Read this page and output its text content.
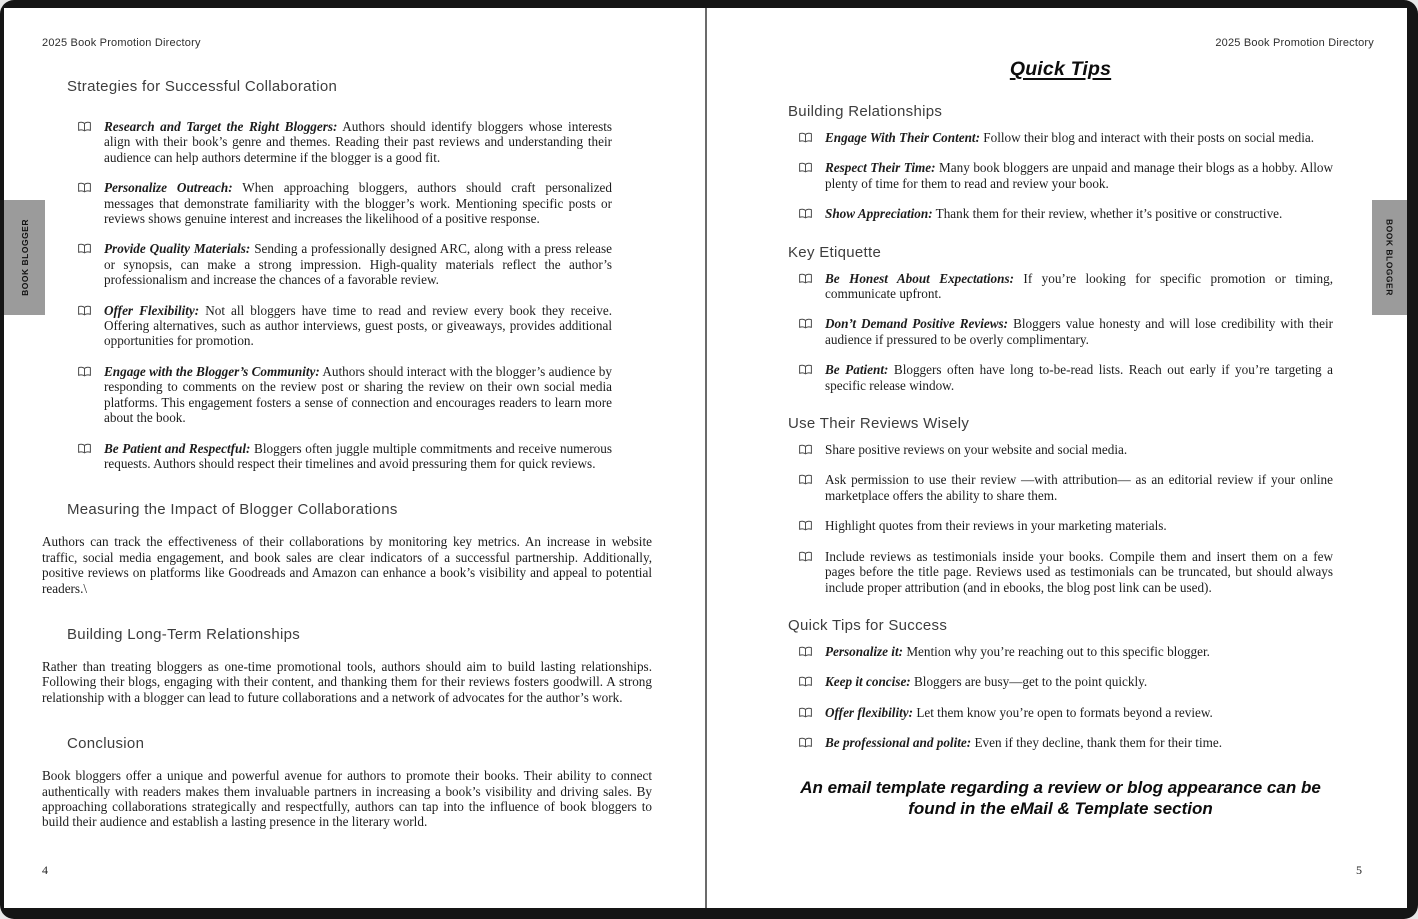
2025 Book Promotion Directory
Strategies for Successful Collaboration

Research and Target the Right Bloggers: Authors should identify bloggers whose interests align with their book’s genre and themes. Reading their past reviews and understanding their audience can help authors determine if the blogger is a good fit.

Personalize Outreach: When approaching bloggers, authors should craft personalized messages that demonstrate familiarity with the blogger’s work. Mentioning specific posts or reviews shows genuine interest and increases the likelihood of a positive response.

Provide Quality Materials: Sending a professionally designed ARC, along with a press release or synopsis, can make a strong impression. High-quality materials reflect the author’s professionalism and increase the chances of a favorable review.

Offer Flexibility: Not all bloggers have time to read and review every book they receive. Offering alternatives, such as author interviews, guest posts, or giveaways, provides additional opportunities for promotion.

Engage with the Blogger’s Community: Authors should interact with the blogger’s audience by responding to comments on the review post or sharing the review on their own social media platforms. This engagement fosters a sense of connection and encourages readers to learn more about the book.

Be Patient and Respectful: Bloggers often juggle multiple commitments and receive numerous requests. Authors should respect their timelines and avoid pressuring them for quick reviews.

Measuring the Impact of Blogger Collaborations

Authors can track the effectiveness of their collaborations by monitoring key metrics. An increase in website traffic, social media engagement, and book sales are clear indicators of a successful partnership. Additionally, positive reviews on platforms like Goodreads and Amazon can enhance a book’s visibility and appeal to potential readers.\

Building Long-Term Relationships

Rather than treating bloggers as one-time promotional tools, authors should aim to build lasting relationships. Following their blogs, engaging with their content, and thanking them for their reviews fosters goodwill. A strong relationship with a blogger can lead to future collaborations and a network of advocates for the author’s work.

Conclusion

Book bloggers offer a unique and powerful avenue for authors to promote their books. Their ability to connect authentically with readers makes them invaluable partners in increasing a book’s visibility and driving sales. By approaching collaborations strategically and respectfully, authors can tap into the influence of book bloggers to build their audience and establish a lasting presence in the literary world.

4
2025 Book Promotion Directory
Quick Tips
Building Relationships

Engage With Their Content: Follow their blog and interact with their posts on social media.

Respect Their Time: Many book bloggers are unpaid and manage their blogs as a hobby. Allow plenty of time for them to read and review your book.

Show Appreciation: Thank them for their review, whether it’s positive or constructive.

Key Etiquette

Be Honest About Expectations: If you’re looking for specific promotion or timing, communicate upfront.

Don’t Demand Positive Reviews: Bloggers value honesty and will lose credibility with their audience if pressured to be overly complimentary.

Be Patient: Bloggers often have long to-be-read lists. Reach out early if you’re targeting a specific release window.

Use Their Reviews Wisely

Share positive reviews on your website and social media.

Ask permission to use their review —with attribution— as an editorial review if your online marketplace offers the ability to share them.

Highlight quotes from their reviews in your marketing materials.

Include reviews as testimonials inside your books. Compile them and insert them on a few pages before the title page. Reviews used as testimonials can be truncated, but should always include proper attribution (and in ebooks, the blog post link can be used).

Quick Tips for Success

Personalize it: Mention why you’re reaching out to this specific blogger.

Keep it concise: Bloggers are busy—get to the point quickly.

Offer flexibility: Let them know you’re open to formats beyond a review.

Be professional and polite: Even if they decline, thank them for their time.

An email template regarding a review or blog appearance can be found in the eMail & Template section
5
BOOK BLOGGER	BOOK BLOGGER
